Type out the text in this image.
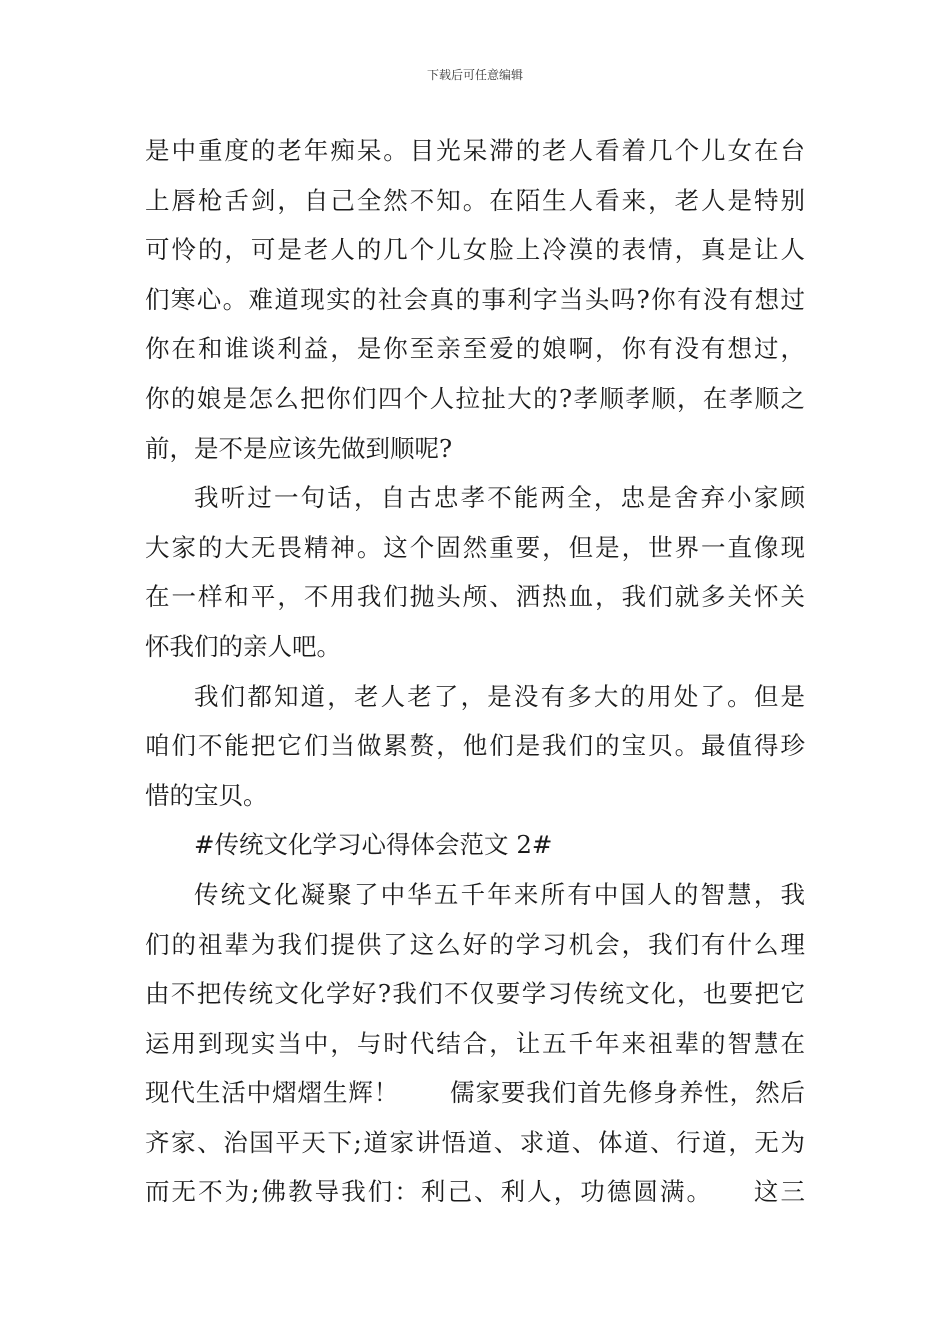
下载后可任意编辑
是中重度的老年痴呆。目光呆滞的老人看着几个儿女在台
上唇枪舌剑，自己全然不知。在陌生人看来，老人是特别
可怜的，可是老人的几个儿女脸上冷漠的表情，真是让人
们寒心。难道现实的社会真的事利字当头吗?你有没有想过
你在和谁谈利益，是你至亲至爱的娘啊，你有没有想过，
你的娘是怎么把你们四个人拉扯大的?孝顺孝顺，在孝顺之
前，是不是应该先做到顺呢?
我听过一句话，自古忠孝不能两全，忠是舍弃小家顾
大家的大无畏精神。这个固然重要，但是，世界一直像现
在一样和平，不用我们抛头颅、洒热血，我们就多关怀关
怀我们的亲人吧。
我们都知道，老人老了，是没有多大的用处了。但是
咱们不能把它们当做累赘，他们是我们的宝贝。最值得珍
惜的宝贝。
#传统文化学习心得体会范文 2#
传统文化凝聚了中华五千年来所有中国人的智慧，我
们的祖辈为我们提供了这么好的学习机会，我们有什么理
由不把传统文化学好?我们不仅要学习传统文化，也要把它
运用到现实当中，与时代结合，让五千年来祖辈的智慧在
现代生活中熠熠生辉！　　儒家要我们首先修身养性，然后
齐家、治国平天下;道家讲悟道、求道、体道、行道，无为
而无不为;佛教导我们：利己、利人，功德圆满。　　这三
